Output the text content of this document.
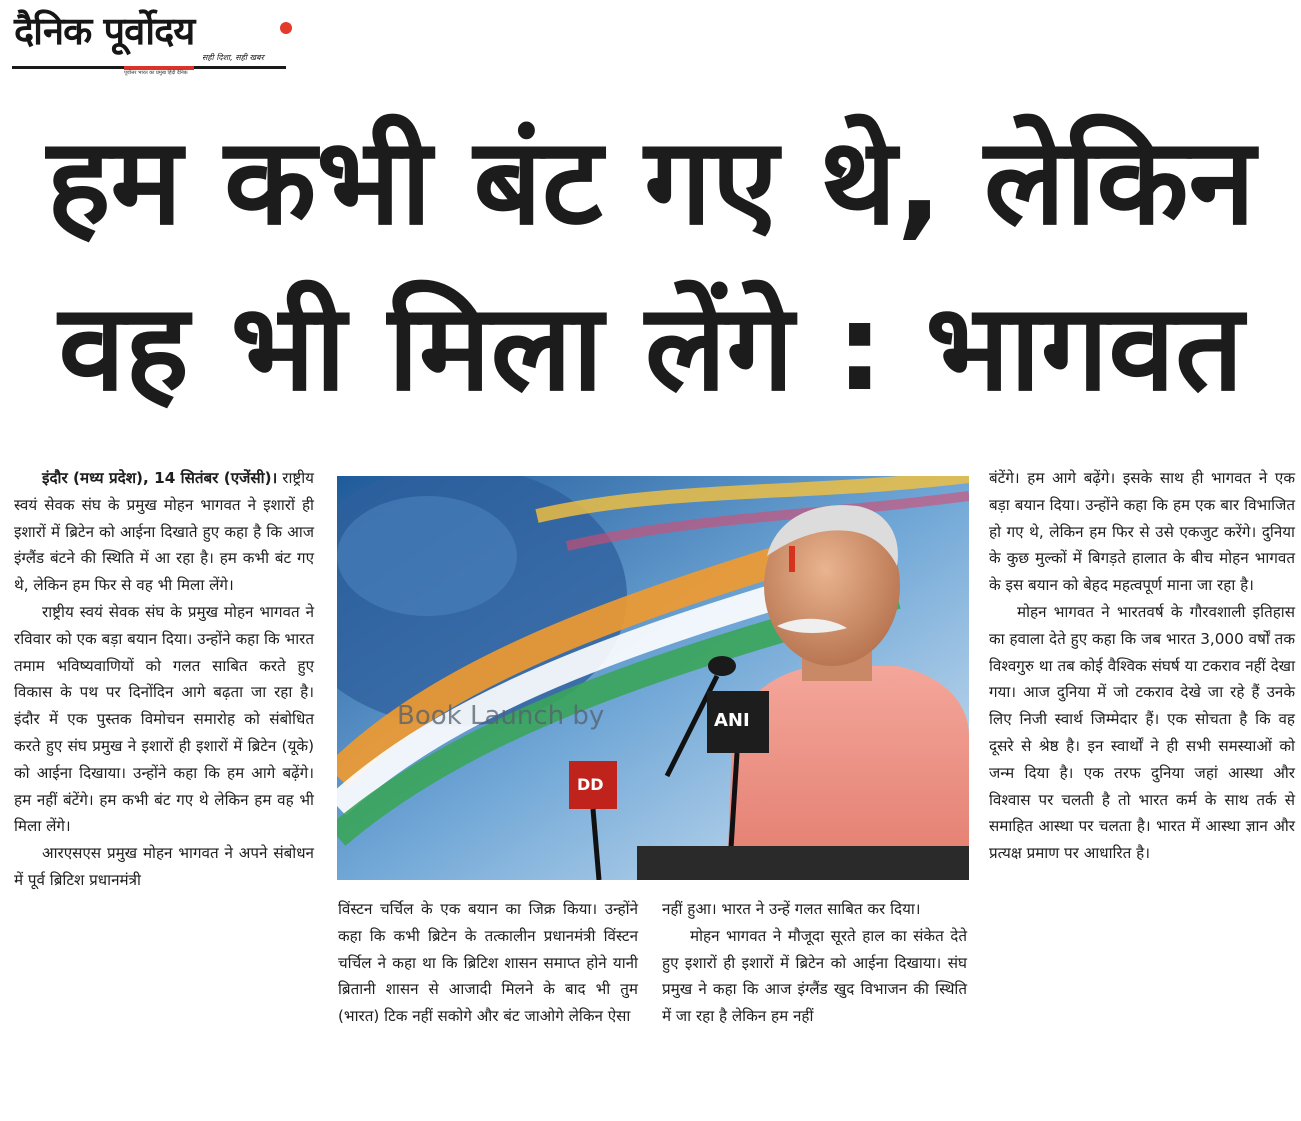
दैनिक पूर्वोदय
सही दिशा, सही खबर
पूर्वोत्तर भारत का प्रमुख हिंदी दैनिक
हम कभी बंट गए थे, लेकिन
वह भी मिला लेंगे : भागवत

इंदौर (मध्य प्रदेश), 14 सितंबर (एजेंसी)। राष्ट्रीय स्वयं सेवक संघ के प्रमुख मोहन भागवत ने इशारों ही इशारों में ब्रिटेन को आईना दिखाते हुए कहा है कि आज इंग्लैंड बंटने की स्थिति में आ रहा है। हम कभी बंट गए थे, लेकिन हम फिर से वह भी मिला लेंगे।

राष्ट्रीय स्वयं सेवक संघ के प्रमुख मोहन भागवत ने रविवार को एक बड़ा बयान दिया। उन्होंने कहा कि भारत तमाम भविष्यवाणियों को गलत साबित करते हुए विकास के पथ पर दिनोंदिन आगे बढ़ता जा रहा है। इंदौर में एक पुस्तक विमोचन समारोह को संबोधित करते हुए संघ प्रमुख ने इशारों ही इशारों में ब्रिटेन (यूके) को आईना दिखाया। उन्होंने कहा कि हम आगे बढ़ेंगे। हम नहीं बंटेंगे। हम कभी बंट गए थे लेकिन हम वह भी मिला लेंगे।

आरएसएस प्रमुख मोहन भागवत ने अपने संबोधन में पूर्व ब्रिटिश प्रधानमंत्री

Book Launch by	ANI
DD

विंस्टन चर्चिल के एक बयान का जिक्र किया। उन्होंने कहा कि कभी ब्रिटेन के तत्कालीन प्रधानमंत्री विंस्टन चर्चिल ने कहा था कि ब्रिटिश शासन समाप्त होने यानी ब्रितानी शासन से आजादी मिलने के बाद भी तुम (भारत) टिक नहीं सकोगे और बंट जाओगे लेकिन ऐसा

नहीं हुआ। भारत ने उन्हें गलत साबित कर दिया।

मोहन भागवत ने मौजूदा सूरते हाल का संकेत देते हुए इशारों ही इशारों में ब्रिटेन को आईना दिखाया। संघ प्रमुख ने कहा कि आज इंग्लैंड खुद विभाजन की स्थिति में जा रहा है लेकिन हम नहीं

बंटेंगे। हम आगे बढ़ेंगे। इसके साथ ही भागवत ने एक बड़ा बयान दिया। उन्होंने कहा कि हम एक बार विभाजित हो गए थे, लेकिन हम फिर से उसे एकजुट करेंगे। दुनिया के कुछ मुल्कों में बिगड़ते हालात के बीच मोहन भागवत के इस बयान को बेहद महत्वपूर्ण माना जा रहा है।

मोहन भागवत ने भारतवर्ष के गौरवशाली इतिहास का हवाला देते हुए कहा कि जब भारत 3,000 वर्षों तक विश्वगुरु था तब कोई वैश्विक संघर्ष या टकराव नहीं देखा गया। आज दुनिया में जो टकराव देखे जा रहे हैं उनके लिए निजी स्वार्थ जिम्मेदार हैं। एक सोचता है कि वह दूसरे से श्रेष्ठ है। इन स्वार्थों ने ही सभी समस्याओं को जन्म दिया है। एक तरफ दुनिया जहां आस्था और विश्वास पर चलती है तो भारत कर्म के साथ तर्क से समाहित आस्था पर चलता है। भारत में आस्था ज्ञान और प्रत्यक्ष प्रमाण पर आधारित है।
